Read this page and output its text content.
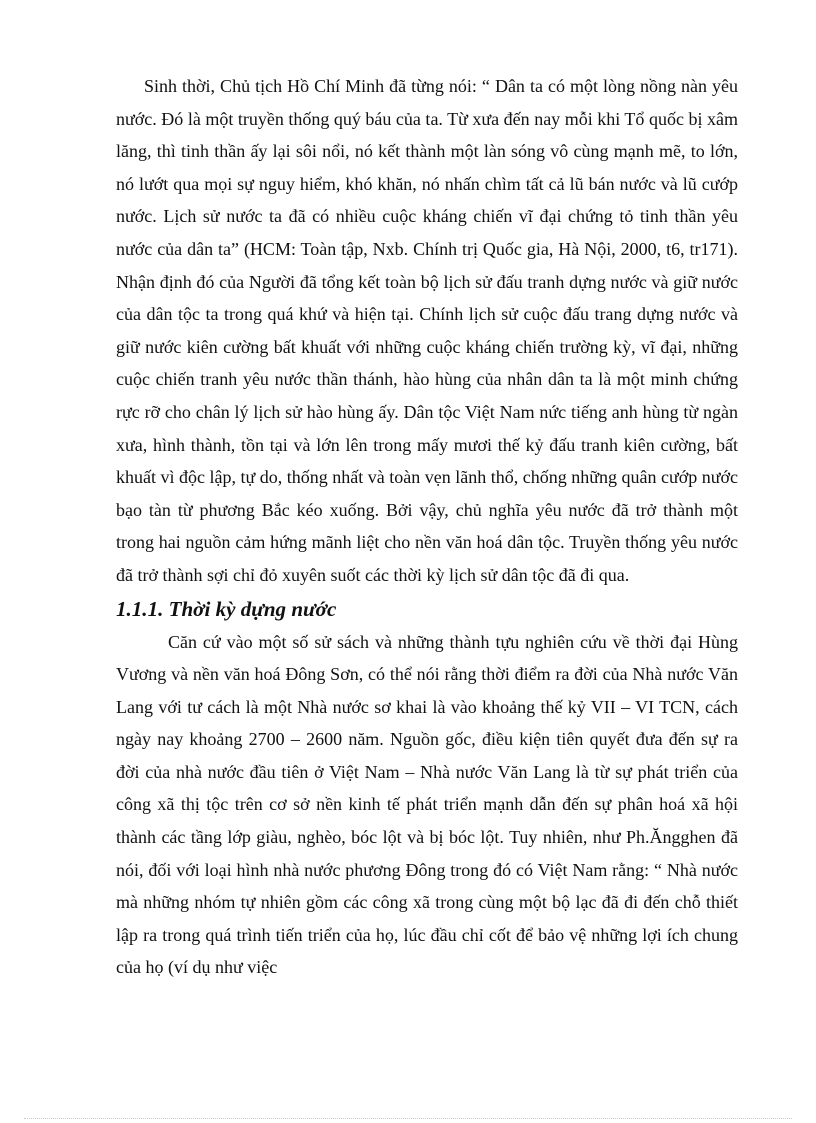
Sinh thời, Chủ tịch Hồ Chí Minh đã từng nói: “ Dân ta có một lòng nồng nàn yêu nước. Đó là một truyền thống quý báu của ta. Từ xưa đến nay mỗi khi Tổ quốc bị xâm lăng, thì tinh thần ấy lại sôi nổi, nó kết thành một làn sóng vô cùng mạnh mẽ, to lớn, nó lướt qua mọi sự nguy hiểm, khó khăn, nó nhấn chìm tất cả lũ bán nước và lũ cướp nước. Lịch sử nước ta đã có nhiều cuộc kháng chiến vĩ đại chứng tỏ tinh thần yêu nước của dân ta” (HCM: Toàn tập, Nxb. Chính trị Quốc gia, Hà Nội, 2000, t6, tr171). Nhận định đó của Người đã tổng kết toàn bộ lịch sử đấu tranh dựng nước và giữ nước của dân tộc ta trong quá khứ và hiện tại. Chính lịch sử cuộc đấu trang dựng nước và giữ nước kiên cường bất khuất với những cuộc kháng chiến trường kỳ, vĩ đại, những cuộc chiến tranh yêu nước thần thánh, hào hùng của nhân dân ta là một minh chứng rực rỡ cho chân lý lịch sử hào hùng ấy. Dân tộc Việt Nam nức tiếng anh hùng từ ngàn xưa, hình thành, tồn tại và lớn lên trong mấy mươi thế kỷ đấu tranh kiên cường, bất khuất vì độc lập, tự do, thống nhất và toàn vẹn lãnh thổ, chống những quân cướp nước bạo tàn từ phương Bắc kéo xuống. Bởi vậy, chủ nghĩa yêu nước đã trở thành một trong hai nguồn cảm hứng mãnh liệt cho nền văn hoá dân tộc. Truyền thống yêu nước đã trở thành sợi chỉ đỏ xuyên suốt các thời kỳ lịch sử dân tộc đã đi qua.

1.1.1. Thời kỳ dựng nước

Căn cứ vào một số sử sách và những thành tựu nghiên cứu về thời đại Hùng Vương và nền văn hoá Đông Sơn, có thể nói rằng thời điểm ra đời của Nhà nước Văn Lang với tư cách là một Nhà nước sơ khai là vào khoảng thế kỷ VII – VI TCN, cách ngày nay khoảng 2700 – 2600 năm. Nguồn gốc, điều kiện tiên quyết đưa đến sự ra đời của nhà nước đầu tiên ở Việt Nam – Nhà nước Văn Lang là từ sự phát triển của công xã thị tộc trên cơ sở nền kinh tế phát triển mạnh dẫn đến sự phân hoá xã hội thành các tầng lớp giàu, nghèo, bóc lột và bị bóc lột. Tuy nhiên, như Ph.Ăngghen đã nói, đối với loại hình nhà nước phương Đông trong đó có Việt Nam rằng: “ Nhà nước mà những nhóm tự nhiên gồm các công xã trong cùng một bộ lạc đã đi đến chỗ thiết lập ra trong quá trình tiến triển của họ, lúc đầu chỉ cốt để bảo vệ những lợi ích chung của họ (ví dụ như việc
